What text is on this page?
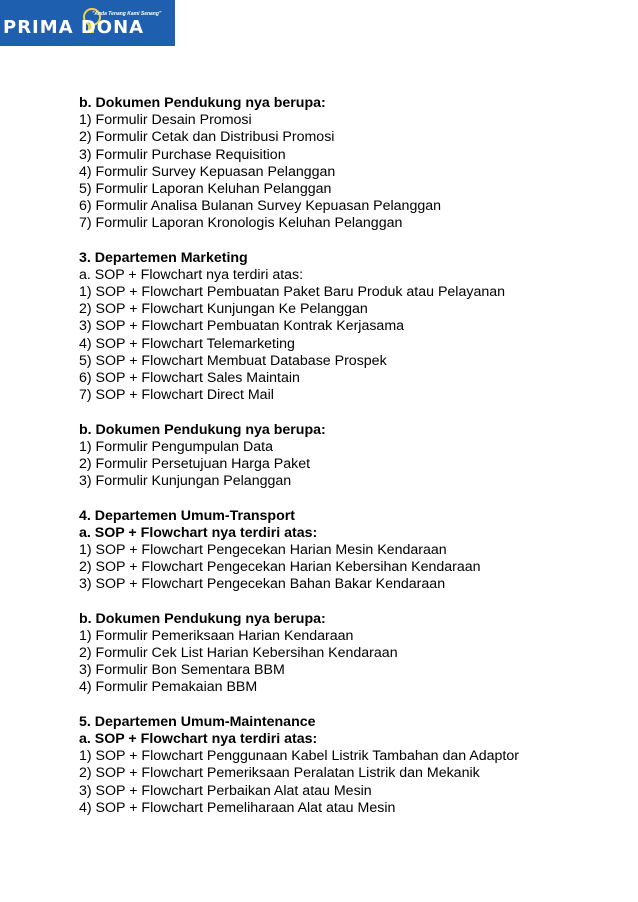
"Anda Tenang Kami Senang"
PRIMA DONA
b. Dokumen Pendukung nya berupa:
1) Formulir Desain Promosi
2) Formulir Cetak dan Distribusi Promosi
3) Formulir Purchase Requisition
4) Formulir Survey Kepuasan Pelanggan
5) Formulir Laporan Keluhan Pelanggan
6) Formulir Analisa Bulanan Survey Kepuasan Pelanggan
7) Formulir Laporan Kronologis Keluhan Pelanggan
3. Departemen Marketing
a. SOP + Flowchart nya terdiri atas:
1) SOP + Flowchart Pembuatan Paket Baru Produk atau Pelayanan
2) SOP + Flowchart Kunjungan Ke Pelanggan
3) SOP + Flowchart Pembuatan Kontrak Kerjasama
4) SOP + Flowchart Telemarketing
5) SOP + Flowchart Membuat Database Prospek
6) SOP + Flowchart Sales Maintain
7) SOP + Flowchart Direct Mail
b. Dokumen Pendukung nya berupa:
1) Formulir Pengumpulan Data
2) Formulir Persetujuan Harga Paket
3) Formulir Kunjungan Pelanggan
4. Departemen Umum-Transport
a. SOP + Flowchart nya terdiri atas:
1) SOP + Flowchart Pengecekan Harian Mesin Kendaraan
2) SOP + Flowchart Pengecekan Harian Kebersihan Kendaraan
3) SOP + Flowchart Pengecekan Bahan Bakar Kendaraan
b. Dokumen Pendukung nya berupa:
1) Formulir Pemeriksaan Harian Kendaraan
2) Formulir Cek List Harian Kebersihan Kendaraan
3) Formulir Bon Sementara BBM
4) Formulir Pemakaian BBM
5. Departemen Umum-Maintenance
a. SOP + Flowchart nya terdiri atas:
1) SOP + Flowchart Penggunaan Kabel Listrik Tambahan dan Adaptor
2) SOP + Flowchart Pemeriksaan Peralatan Listrik dan Mekanik
3) SOP + Flowchart Perbaikan Alat atau Mesin
4) SOP + Flowchart Pemeliharaan Alat atau Mesin
